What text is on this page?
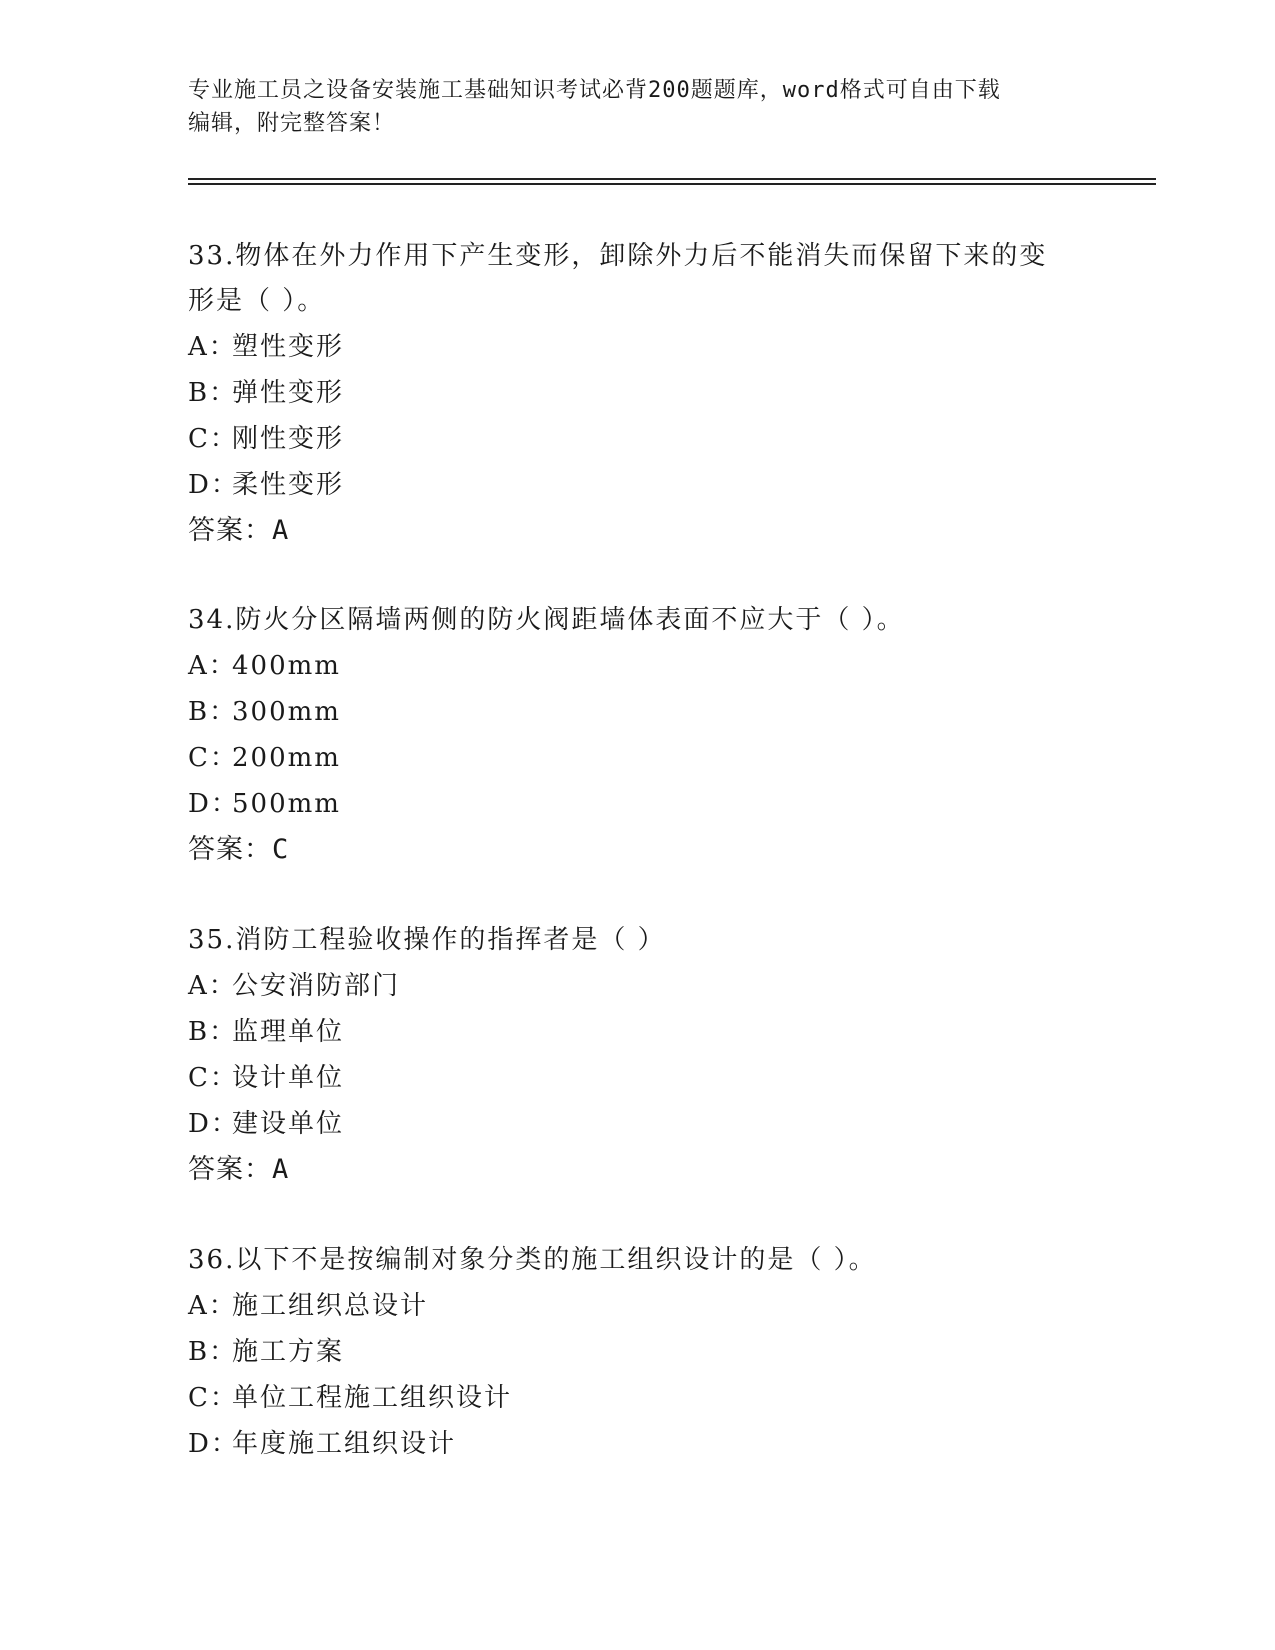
专业施工员之设备安装施工基础知识考试必背200题题库，word格式可自由下载
编辑，附完整答案！
33.物体在外力作用下产生变形，卸除外力后不能消失而保留下来的变
形是（ ）。
A：塑性变形
B：弹性变形
C：刚性变形
D：柔性变形
答案：A
34.防火分区隔墙两侧的防火阀距墙体表面不应大于（ ）。
A：400mm
B：300mm
C：200mm
D：500mm
答案：C
35.消防工程验收操作的指挥者是（ ）
A：公安消防部门
B：监理单位
C：设计单位
D：建设单位
答案：A
36.以下不是按编制对象分类的施工组织设计的是（ ）。
A：施工组织总设计
B：施工方案
C：单位工程施工组织设计
D：年度施工组织设计
